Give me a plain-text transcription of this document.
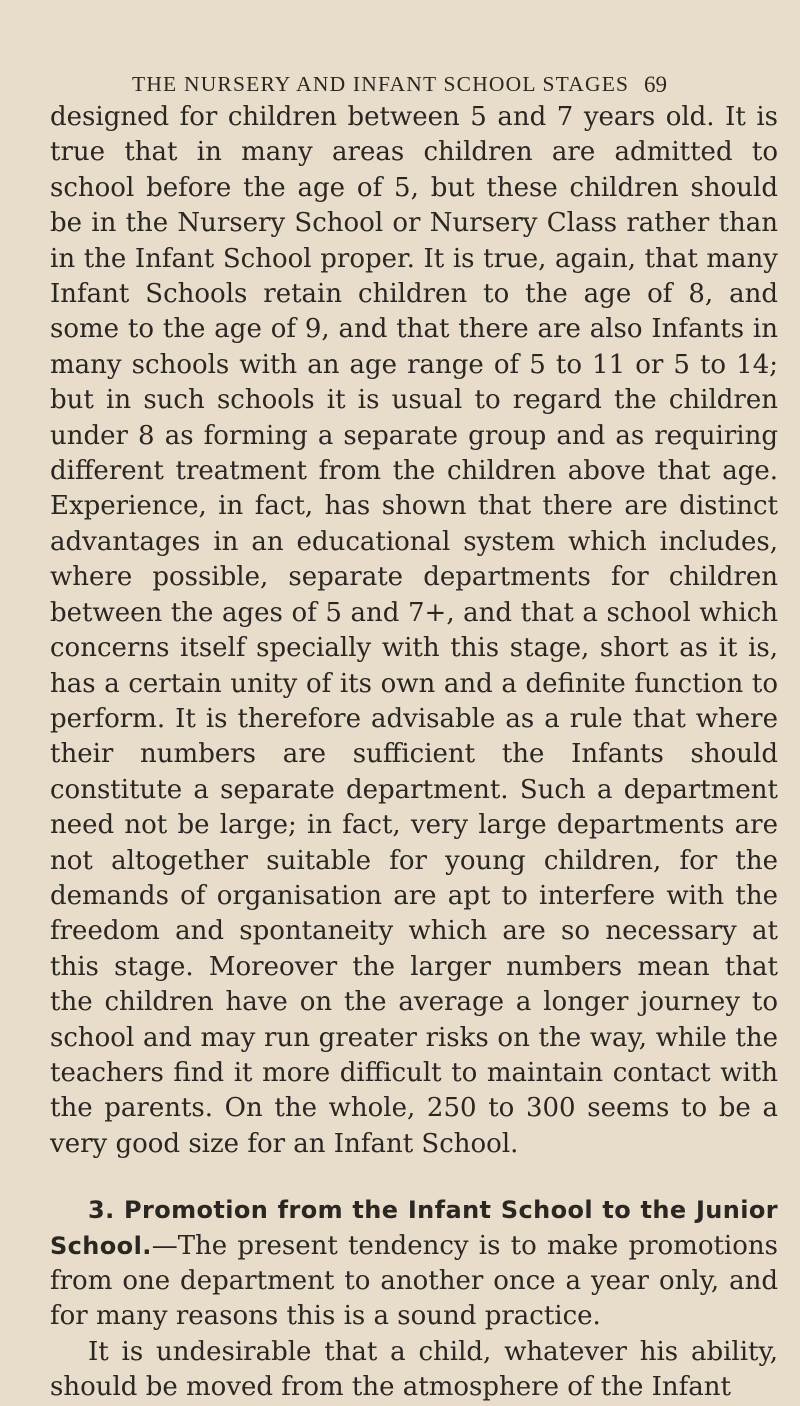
THE NURSERY AND INFANT SCHOOL STAGES 69

designed for children between 5 and 7 years old. It is true that in many areas children are admitted to school before the age of 5, but these children should be in the Nursery School or Nursery Class rather than in the Infant School proper. It is true, again, that many Infant Schools retain children to the age of 8, and some to the age of 9, and that there are also Infants in many schools with an age range of 5 to 11 or 5 to 14; but in such schools it is usual to regard the children under 8 as forming a separate group and as requiring different treatment from the children above that age. Experience, in fact, has shown that there are distinct advantages in an educational system which includes, where possible, separate departments for children between the ages of 5 and 7+, and that a school which concerns itself specially with this stage, short as it is, has a certain unity of its own and a definite function to perform. It is therefore advisable as a rule that where their numbers are sufficient the Infants should constitute a separate department. Such a department need not be large; in fact, very large departments are not altogether suitable for young children, for the demands of organisation are apt to interfere with the freedom and spontaneity which are so necessary at this stage. Moreover the larger numbers mean that the children have on the average a longer journey to school and may run greater risks on the way, while the teachers find it more difficult to maintain contact with the parents. On the whole, 250 to 300 seems to be a very good size for an Infant School.

3. Promotion from the Infant School to the Junior School.—The present tendency is to make promotions from one department to another once a year only, and for many reasons this is a sound practice.

It is undesirable that a child, whatever his ability, should be moved from the atmosphere of the Infant
